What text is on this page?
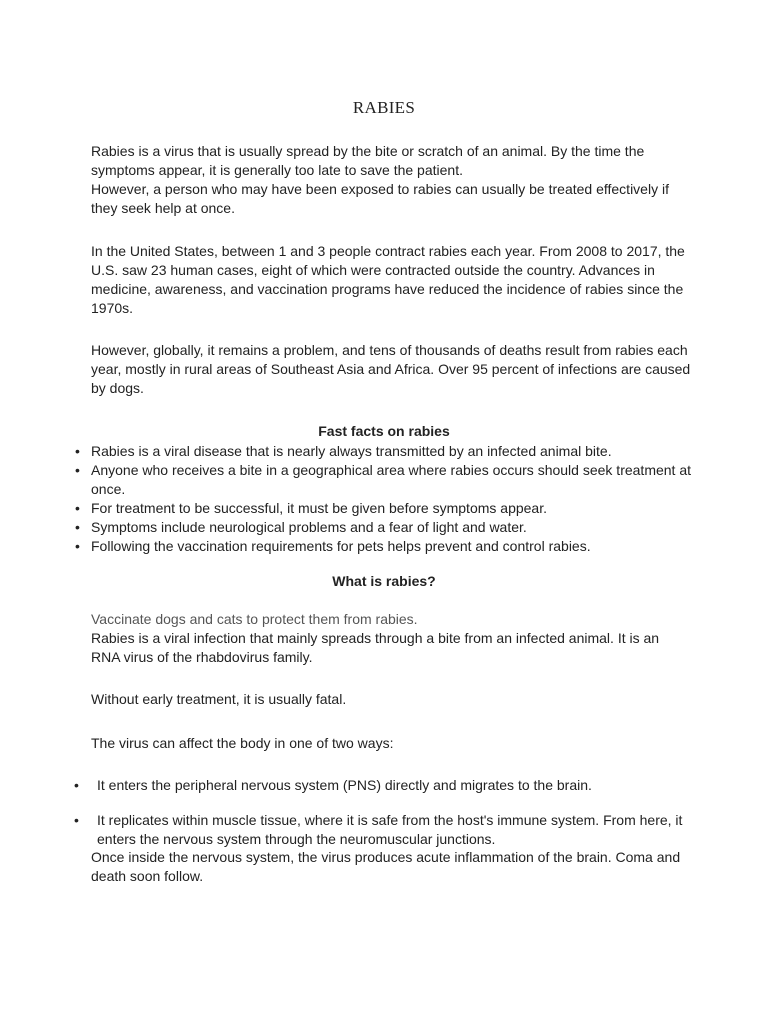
RABIES

Rabies is a virus that is usually spread by the bite or scratch of an animal. By the time the symptoms appear, it is generally too late to save the patient.

However, a person who may have been exposed to rabies can usually be treated effectively if they seek help at once.

In the United States, between 1 and 3 people contract rabies each year. From 2008 to 2017, the U.S. saw 23 human cases, eight of which were contracted outside the country. Advances in medicine, awareness, and vaccination programs have reduced the incidence of rabies since the 1970s.

However, globally, it remains a problem, and tens of thousands of deaths result from rabies each year, mostly in rural areas of Southeast Asia and Africa. Over 95 percent of infections are caused by dogs.

Fast facts on rabies
• Rabies is a viral disease that is nearly always transmitted by an infected animal bite.
• Anyone who receives a bite in a geographical area where rabies occurs should seek treatment at once.
• For treatment to be successful, it must be given before symptoms appear.
• Symptoms include neurological problems and a fear of light and water.
• Following the vaccination requirements for pets helps prevent and control rabies.
What is rabies?

Vaccinate dogs and cats to protect them from rabies.

Rabies is a viral infection that mainly spreads through a bite from an infected animal. It is an RNA virus of the rhabdovirus family.

Without early treatment, it is usually fatal.
The virus can affect the body in one of two ways:
• It enters the peripheral nervous system (PNS) directly and migrates to the brain.
• It replicates within muscle tissue, where it is safe from the host's immune system. From here, it enters the nervous system through the neuromuscular junctions.

Once inside the nervous system, the virus produces acute inflammation of the brain. Coma and death soon follow.
